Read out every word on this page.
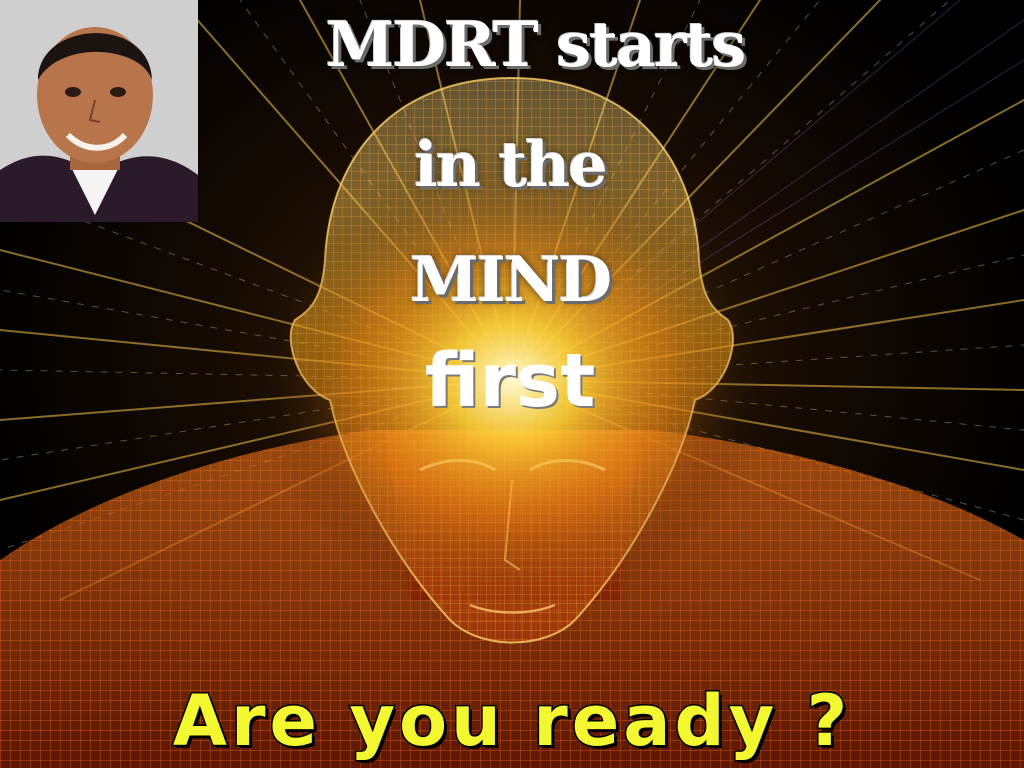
MDRT starts
in the
MIND
first

Are you ready ?
